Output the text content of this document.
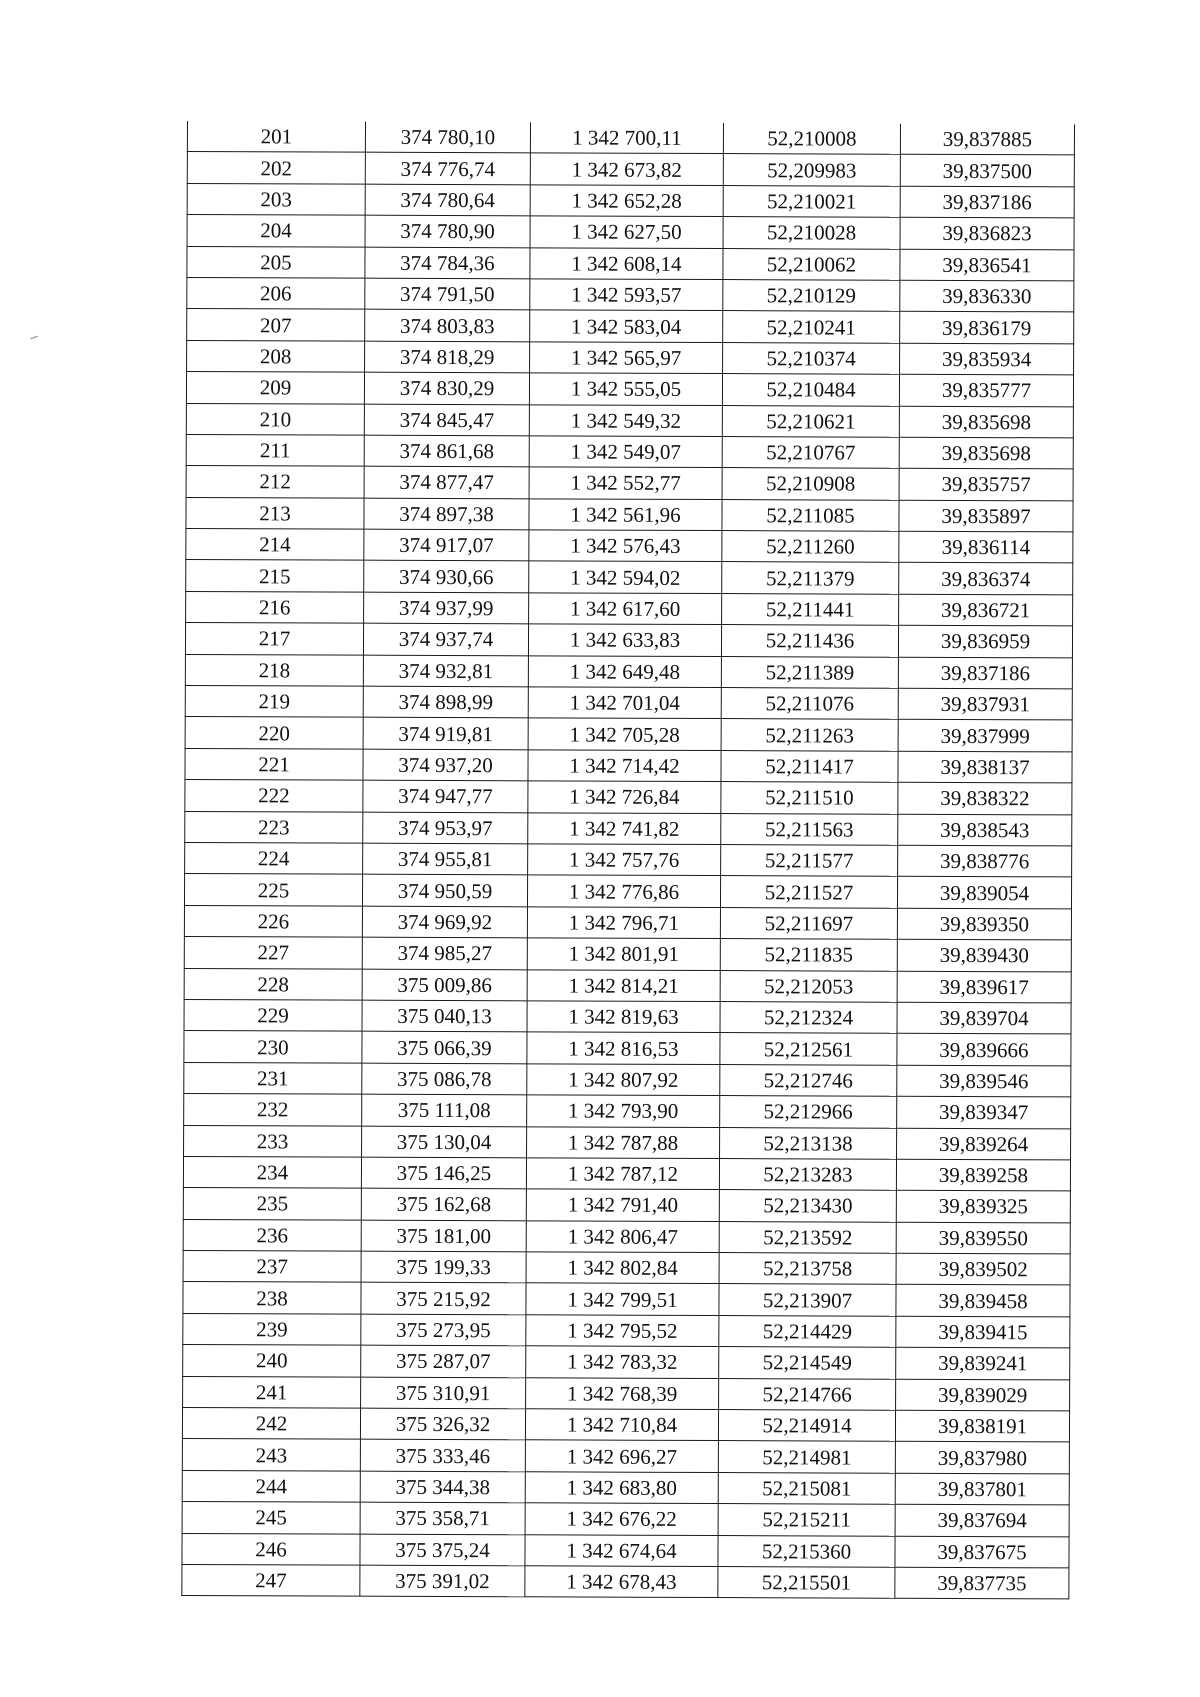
201	374 780,10	1 342 700,11	52,210008	39,837885
202	374 776,74	1 342 673,82	52,209983	39,837500
203	374 780,64	1 342 652,28	52,210021	39,837186
204	374 780,90	1 342 627,50	52,210028	39,836823
205	374 784,36	1 342 608,14	52,210062	39,836541
206	374 791,50	1 342 593,57	52,210129	39,836330
207	374 803,83	1 342 583,04	52,210241	39,836179
208	374 818,29	1 342 565,97	52,210374	39,835934
209	374 830,29	1 342 555,05	52,210484	39,835777
210	374 845,47	1 342 549,32	52,210621	39,835698
211	374 861,68	1 342 549,07	52,210767	39,835698
212	374 877,47	1 342 552,77	52,210908	39,835757
213	374 897,38	1 342 561,96	52,211085	39,835897
214	374 917,07	1 342 576,43	52,211260	39,836114
215	374 930,66	1 342 594,02	52,211379	39,836374
216	374 937,99	1 342 617,60	52,211441	39,836721
217	374 937,74	1 342 633,83	52,211436	39,836959
218	374 932,81	1 342 649,48	52,211389	39,837186
219	374 898,99	1 342 701,04	52,211076	39,837931
220	374 919,81	1 342 705,28	52,211263	39,837999
221	374 937,20	1 342 714,42	52,211417	39,838137
222	374 947,77	1 342 726,84	52,211510	39,838322
223	374 953,97	1 342 741,82	52,211563	39,838543
224	374 955,81	1 342 757,76	52,211577	39,838776
225	374 950,59	1 342 776,86	52,211527	39,839054
226	374 969,92	1 342 796,71	52,211697	39,839350
227	374 985,27	1 342 801,91	52,211835	39,839430
228	375 009,86	1 342 814,21	52,212053	39,839617
229	375 040,13	1 342 819,63	52,212324	39,839704
230	375 066,39	1 342 816,53	52,212561	39,839666
231	375 086,78	1 342 807,92	52,212746	39,839546
232	375 111,08	1 342 793,90	52,212966	39,839347
233	375 130,04	1 342 787,88	52,213138	39,839264
234	375 146,25	1 342 787,12	52,213283	39,839258
235	375 162,68	1 342 791,40	52,213430	39,839325
236	375 181,00	1 342 806,47	52,213592	39,839550
237	375 199,33	1 342 802,84	52,213758	39,839502
238	375 215,92	1 342 799,51	52,213907	39,839458
239	375 273,95	1 342 795,52	52,214429	39,839415
240	375 287,07	1 342 783,32	52,214549	39,839241
241	375 310,91	1 342 768,39	52,214766	39,839029
242	375 326,32	1 342 710,84	52,214914	39,838191
243	375 333,46	1 342 696,27	52,214981	39,837980
244	375 344,38	1 342 683,80	52,215081	39,837801
245	375 358,71	1 342 676,22	52,215211	39,837694
246	375 375,24	1 342 674,64	52,215360	39,837675
247	375 391,02	1 342 678,43	52,215501	39,837735
